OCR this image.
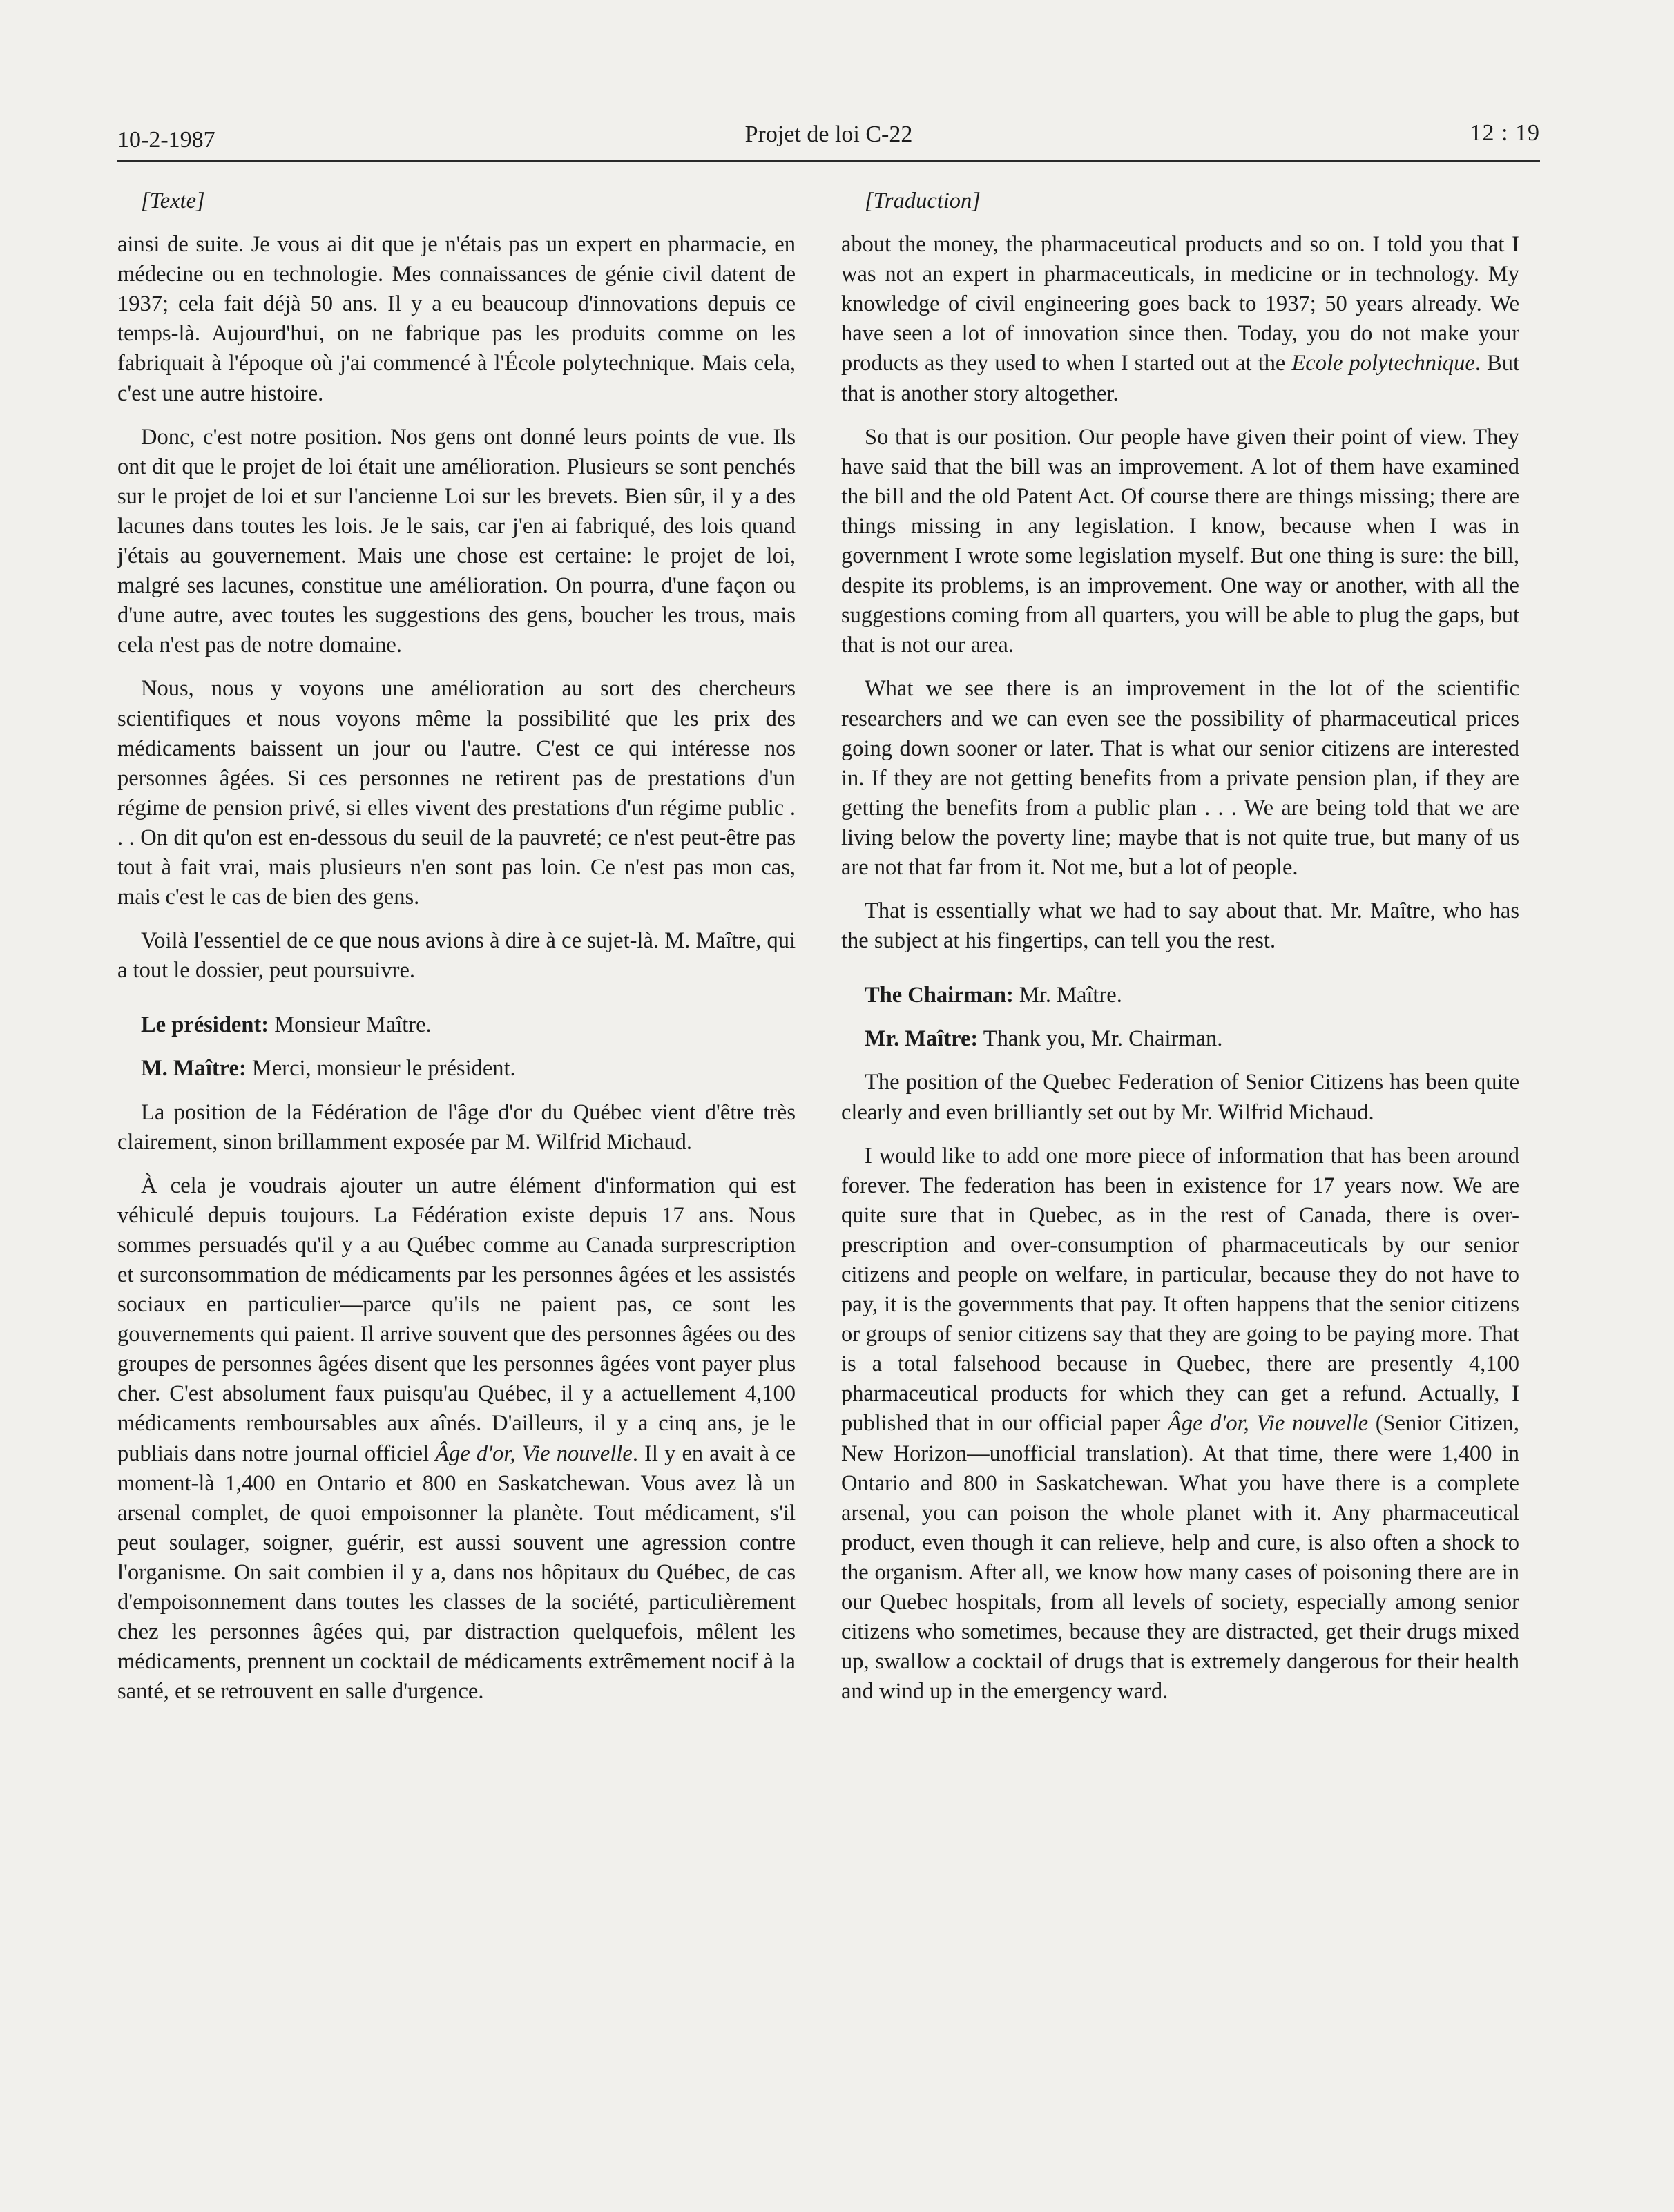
10-2-1987	Projet de loi C-22	12 : 19

[Texte]

ainsi de suite. Je vous ai dit que je n'étais pas un expert en pharmacie, en médecine ou en technologie. Mes connaissances de génie civil datent de 1937; cela fait déjà 50 ans. Il y a eu beaucoup d'innovations depuis ce temps-là. Aujourd'hui, on ne fabrique pas les produits comme on les fabriquait à l'époque où j'ai commencé à l'École polytechnique. Mais cela, c'est une autre histoire.

Donc, c'est notre position. Nos gens ont donné leurs points de vue. Ils ont dit que le projet de loi était une amélioration. Plusieurs se sont penchés sur le projet de loi et sur l'ancienne Loi sur les brevets. Bien sûr, il y a des lacunes dans toutes les lois. Je le sais, car j'en ai fabriqué, des lois quand j'étais au gouvernement. Mais une chose est certaine: le projet de loi, malgré ses lacunes, constitue une amélioration. On pourra, d'une façon ou d'une autre, avec toutes les suggestions des gens, boucher les trous, mais cela n'est pas de notre domaine.

Nous, nous y voyons une amélioration au sort des chercheurs scientifiques et nous voyons même la possibilité que les prix des médicaments baissent un jour ou l'autre. C'est ce qui intéresse nos personnes âgées. Si ces personnes ne retirent pas de prestations d'un régime de pension privé, si elles vivent des prestations d'un régime public . . . On dit qu'on est en-dessous du seuil de la pauvreté; ce n'est peut-être pas tout à fait vrai, mais plusieurs n'en sont pas loin. Ce n'est pas mon cas, mais c'est le cas de bien des gens.

Voilà l'essentiel de ce que nous avions à dire à ce sujet-là. M. Maître, qui a tout le dossier, peut poursuivre.

Le président: Monsieur Maître.

M. Maître: Merci, monsieur le président.

La position de la Fédération de l'âge d'or du Québec vient d'être très clairement, sinon brillamment exposée par M. Wilfrid Michaud.

À cela je voudrais ajouter un autre élément d'information qui est véhiculé depuis toujours. La Fédération existe depuis 17 ans. Nous sommes persuadés qu'il y a au Québec comme au Canada surprescription et surconsommation de médicaments par les personnes âgées et les assistés sociaux en particulier—parce qu'ils ne paient pas, ce sont les gouvernements qui paient. Il arrive souvent que des personnes âgées ou des groupes de personnes âgées disent que les personnes âgées vont payer plus cher. C'est absolument faux puisqu'au Québec, il y a actuellement 4,100 médicaments remboursables aux aînés. D'ailleurs, il y a cinq ans, je le publiais dans notre journal officiel Âge d'or, Vie nouvelle. Il y en avait à ce moment-là 1,400 en Ontario et 800 en Saskatchewan. Vous avez là un arsenal complet, de quoi empoisonner la planète. Tout médicament, s'il peut soulager, soigner, guérir, est aussi souvent une agression contre l'organisme. On sait combien il y a, dans nos hôpitaux du Québec, de cas d'empoisonnement dans toutes les classes de la société, particulièrement chez les personnes âgées qui, par distraction quelquefois, mêlent les médicaments, prennent un cocktail de médicaments extrêmement nocif à la santé, et se retrouvent en salle d'urgence.

[Traduction]

about the money, the pharmaceutical products and so on. I told you that I was not an expert in pharmaceuticals, in medicine or in technology. My knowledge of civil engineering goes back to 1937; 50 years already. We have seen a lot of innovation since then. Today, you do not make your products as they used to when I started out at the Ecole polytechnique. But that is another story altogether.

So that is our position. Our people have given their point of view. They have said that the bill was an improvement. A lot of them have examined the bill and the old Patent Act. Of course there are things missing; there are things missing in any legislation. I know, because when I was in government I wrote some legislation myself. But one thing is sure: the bill, despite its problems, is an improvement. One way or another, with all the suggestions coming from all quarters, you will be able to plug the gaps, but that is not our area.

What we see there is an improvement in the lot of the scientific researchers and we can even see the possibility of pharmaceutical prices going down sooner or later. That is what our senior citizens are interested in. If they are not getting benefits from a private pension plan, if they are getting the benefits from a public plan . . . We are being told that we are living below the poverty line; maybe that is not quite true, but many of us are not that far from it. Not me, but a lot of people.

That is essentially what we had to say about that. Mr. Maître, who has the subject at his fingertips, can tell you the rest.

The Chairman: Mr. Maître.

Mr. Maître: Thank you, Mr. Chairman.

The position of the Quebec Federation of Senior Citizens has been quite clearly and even brilliantly set out by Mr. Wilfrid Michaud.

I would like to add one more piece of information that has been around forever. The federation has been in existence for 17 years now. We are quite sure that in Quebec, as in the rest of Canada, there is over-prescription and over-consumption of pharmaceuticals by our senior citizens and people on welfare, in particular, because they do not have to pay, it is the governments that pay. It often happens that the senior citizens or groups of senior citizens say that they are going to be paying more. That is a total falsehood because in Quebec, there are presently 4,100 pharmaceutical products for which they can get a refund. Actually, I published that in our official paper Âge d'or, Vie nouvelle (Senior Citizen, New Horizon—unofficial translation). At that time, there were 1,400 in Ontario and 800 in Saskatchewan. What you have there is a complete arsenal, you can poison the whole planet with it. Any pharmaceutical product, even though it can relieve, help and cure, is also often a shock to the organism. After all, we know how many cases of poisoning there are in our Quebec hospitals, from all levels of society, especially among senior citizens who sometimes, because they are distracted, get their drugs mixed up, swallow a cocktail of drugs that is extremely dangerous for their health and wind up in the emergency ward.
